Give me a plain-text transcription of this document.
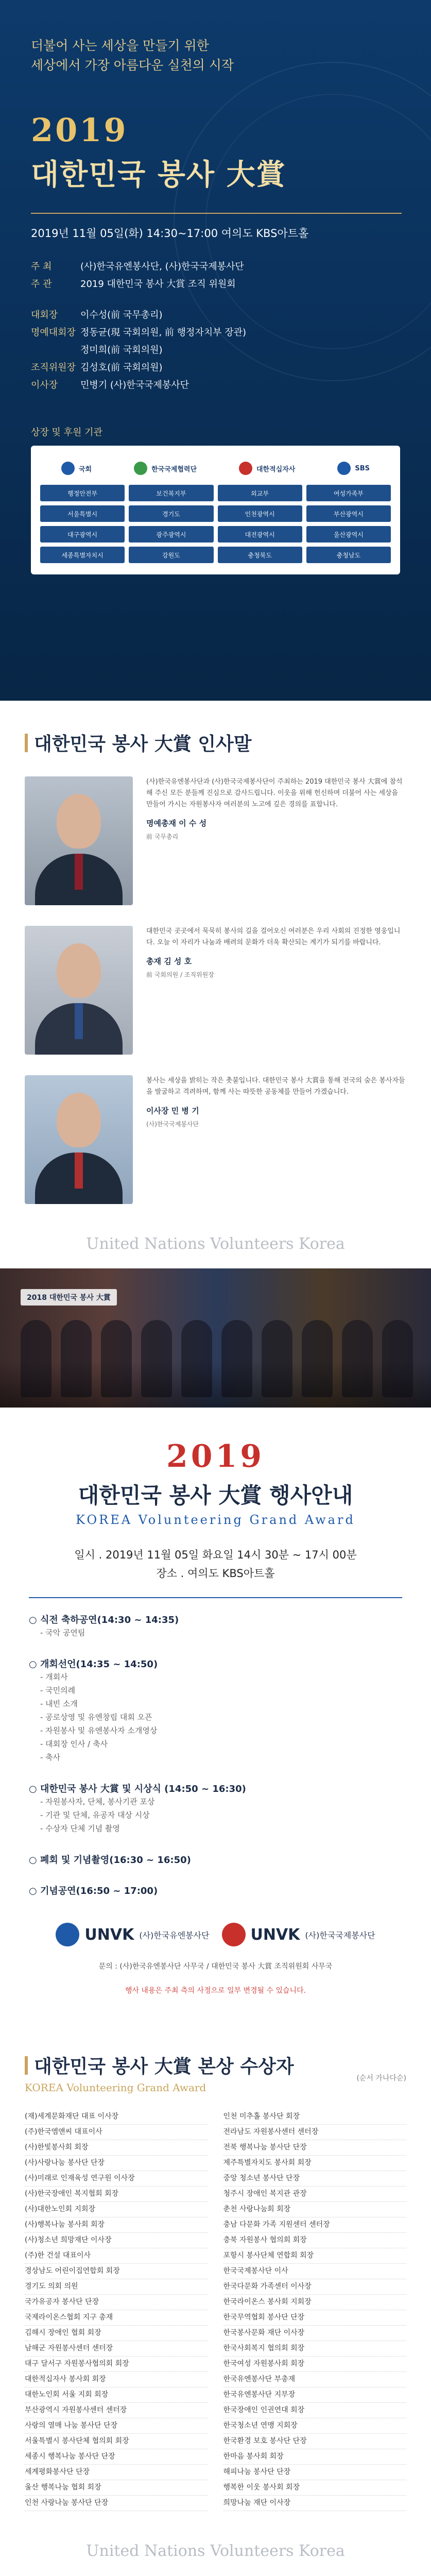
더불어 사는 세상을 만들기 위한
세상에서 가장 아름다운 실천의 시작
2019
대한민국 봉사 大賞
2019년 11월 05일(화) 14:30~17:00 여의도 KBS아트홀
주 최	(사)한국유엔봉사단, (사)한국국제봉사단
주 관	2019 대한민국 봉사 大賞 조직 위원회
대회장	이수성(前 국무총리)
명예대회장 정동균(現 국회의원, 前 행정자치부 장관)
정미희(前 국회의원)
조직위원장 김성호(前 국회의원)
이사장	민병기 (사)한국국제봉사단
상장 및 후원 기관
국회	한국국제협력단	대한적십자사	SBS
행정안전부	보건복지부	외교부	여성가족부
서울특별시	경기도	인천광역시	부산광역시
대구광역시	광주광역시	대전광역시	울산광역시
세종특별자치시	강원도	충청북도	충청남도
대한민국 봉사 大賞 인사말
(사)한국유엔봉사단과 (사)한국국제봉사단이 주최하는 2019 대한민국 봉사 大賞에 참석해 주신 모든 분들께 진심으로 감사드립니다. 이웃을 위해 헌신하며 더불어 사는 세상을 만들어 가시는 자원봉사자 여러분의 노고에 깊은 경의를 표합니다.
명예총재 이 수 성
前 국무총리
대한민국 곳곳에서 묵묵히 봉사의 길을 걸어오신 여러분은 우리 사회의 진정한 영웅입니다. 오늘 이 자리가 나눔과 배려의 문화가 더욱 확산되는 계기가 되기를 바랍니다.
총재 김 성 호
前 국회의원 / 조직위원장
봉사는 세상을 밝히는 작은 촛불입니다. 대한민국 봉사 大賞을 통해 전국의 숨은 봉사자들을 발굴하고 격려하며, 함께 사는 따뜻한 공동체를 만들어 가겠습니다.
이사장 민 병 기
(사)한국국제봉사단
United Nations Volunteers Korea
2018 대한민국 봉사 大賞
2019
대한민국 봉사 大賞 행사안내
KOREA Volunteering Grand Award
일시 . 2019년 11월 05일 화요일 14시 30분 ~ 17시 00분
장소 . 여의도 KBS아트홀
○ 식전 축하공연(14:30 ~ 14:35)
- 국악 공연팀
○ 개회선언(14:35 ~ 14:50)
- 개회사
- 국민의례
- 내빈 소개
- 공로상영 및 유엔창립 대회 오픈
- 자원봉사 및 유엔봉사자 소개영상
- 대회장 인사 / 축사
- 축사
○ 대한민국 봉사 大賞 및 시상식 (14:50 ~ 16:30)
- 자원봉사자, 단체, 봉사기관 포상
- 기관 및 단체, 유공자 대상 시상
- 수상자 단체 기념 촬영
○ 폐회 및 기념촬영(16:30 ~ 16:50)
○ 기념공연(16:50 ~ 17:00)
UNVK (사)한국유엔봉사단	UNVK (사)한국국제봉사단
문의 : (사)한국유엔봉사단 사무국 / 대한민국 봉사 大賞 조직위원회 사무국
행사 내용은 주최 측의 사정으로 일부 변경될 수 있습니다.
대한민국 봉사 大賞 본상 수상자
KOREA Volunteering Grand Award
(순서 가나다순)
(재)세계문화재단 대표 이사장
(주)한국엠앤씨 대표이사
(사)한빛봉사회 회장
(사)사랑나눔 봉사단 단장
(사)미래로 인재육성 연구원 이사장
(사)한국장애인 복지협회 회장
(사)대한노인회 지회장
(사)행복나눔 봉사회 회장
(사)청소년 희망재단 이사장
(주)한 건설 대표이사
경상남도 어린이집연합회 회장
경기도 의회 의원
국가유공자 봉사단 단장
국제라이온스협회 지구 총재
김해시 장애인 협회 회장
남해군 자원봉사센터 센터장
대구 달서구 자원봉사협의회 회장
대한적십자사 봉사회 회장
대한노인회 서울 지회 회장
부산광역시 자원봉사센터 센터장
사랑의 열매 나눔 봉사단 단장
서울특별시 봉사단체 협의회 회장
세종시 행복나눔 봉사단 단장
세계평화봉사단 단장
울산 행복나눔 협회 회장
인천 사랑나눔 봉사단 단장
인천 미추홀 봉사단 회장
전라남도 자원봉사센터 센터장
전북 행복나눔 봉사단 단장
제주특별자치도 봉사회 회장
중앙 청소년 봉사단 단장
청주시 장애인 복지관 관장
춘천 사랑나눔회 회장
충남 다문화 가족 지원센터 센터장
충북 자원봉사 협의회 회장
포항시 봉사단체 연합회 회장
한국국제봉사단 이사
한국다문화 가족센터 이사장
한국라이온스 봉사회 지회장
한국무역협회 봉사단 단장
한국봉사문화 재단 이사장
한국사회복지 협의회 회장
한국여성 자원봉사회 회장
한국유엔봉사단 부총재
한국유엔봉사단 지부장
한국장애인 인권연대 회장
한국청소년 연맹 지회장
한국환경 보호 봉사단 단장
한마음 봉사회 회장
해피나눔 봉사단 단장
행복한 이웃 봉사회 회장
희망나눔 재단 이사장
United Nations Volunteers Korea
